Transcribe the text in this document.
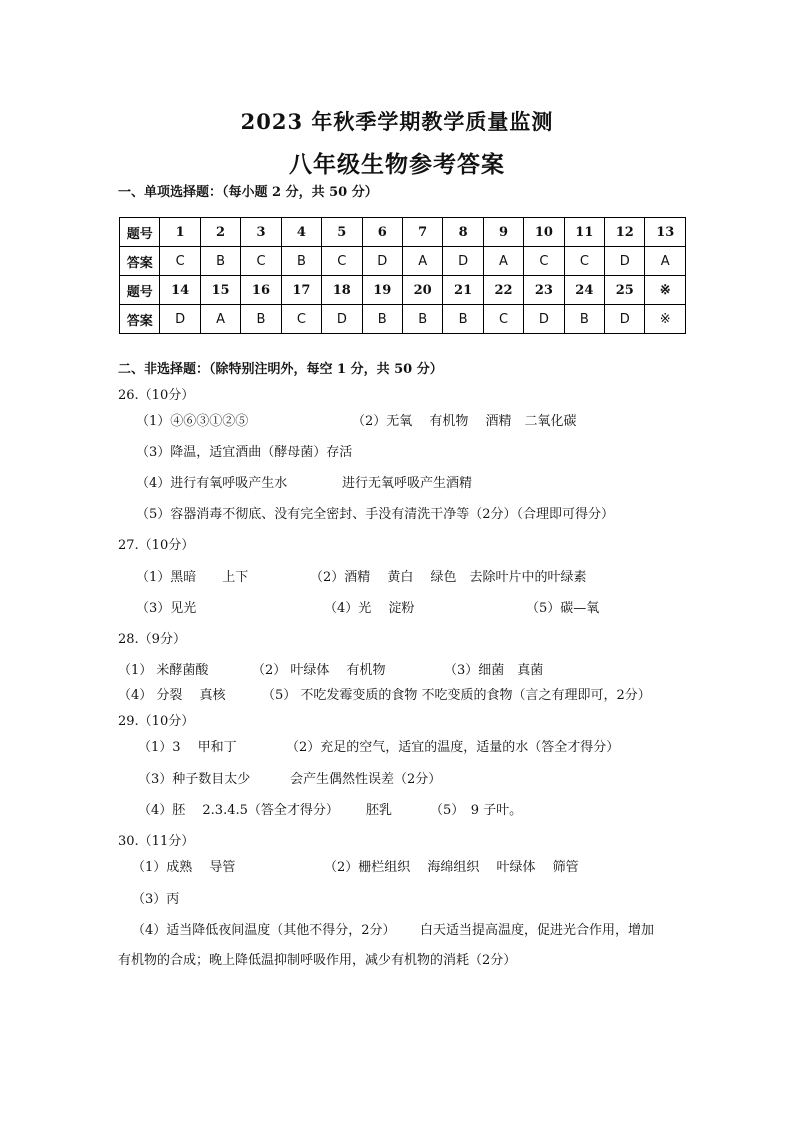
2023 年秋季学期教学质量监测
八年级生物参考答案
一、单项选择题：（每小题 2 分，共 50 分）
题号	1	2	3	4	5	6	7	8	9	10	11	12	13
答案	C	B	C	B	C	D	A	D	A	C	C	D	A
题号	14	15	16	17	18	19	20	21	22	23	24	25	※
答案	D	A	B	C	D	B	B	B	C	D	B	D	※
二、非选择题：（除特别注明外，每空 1 分，共 50 分）
26.（10分）
（1）④⑥③①②⑤	（2）无氧　 有机物　 酒精　二氧化碳
（3）降温，适宜酒曲（酵母菌）存活
（4）进行有氧呼吸产生水	进行无氧呼吸产生酒精
（5）容器消毒不彻底、没有完全密封、手没有清洗干净等（2分）（合理即可得分）
27.（10分）
（1）黑暗　　上下	（2）酒精　 黄白　 绿色　去除叶片中的叶绿素
（3）见光	（4）光　 淀粉	（5）碳—氧
28.（9分）
（1） 米酵菌酸	（2） 叶绿体　 有机物	（3）细菌　真菌
（4） 分裂　 真核	（5） 不吃发霉变质的食物 不吃变质的食物（言之有理即可，2分）
29.（10分）
（1）3　 甲和丁	（2）充足的空气，适宜的温度，适量的水（答全才得分）
（3）种子数目太少	会产生偶然性误差（2分）
（4）胚　 2.3.4.5（答全才得分） 胚乳	（5）　9 子叶。
30.（11分）
（1）成熟　 导管	（2）栅栏组织　 海绵组织　 叶绿体　 筛管
（3）丙
（4）适当降低夜间温度（其他不得分，2分） 白天适当提高温度，促进光合作用，增加
有机物的合成；晚上降低温抑制呼吸作用，减少有机物的消耗（2分）
